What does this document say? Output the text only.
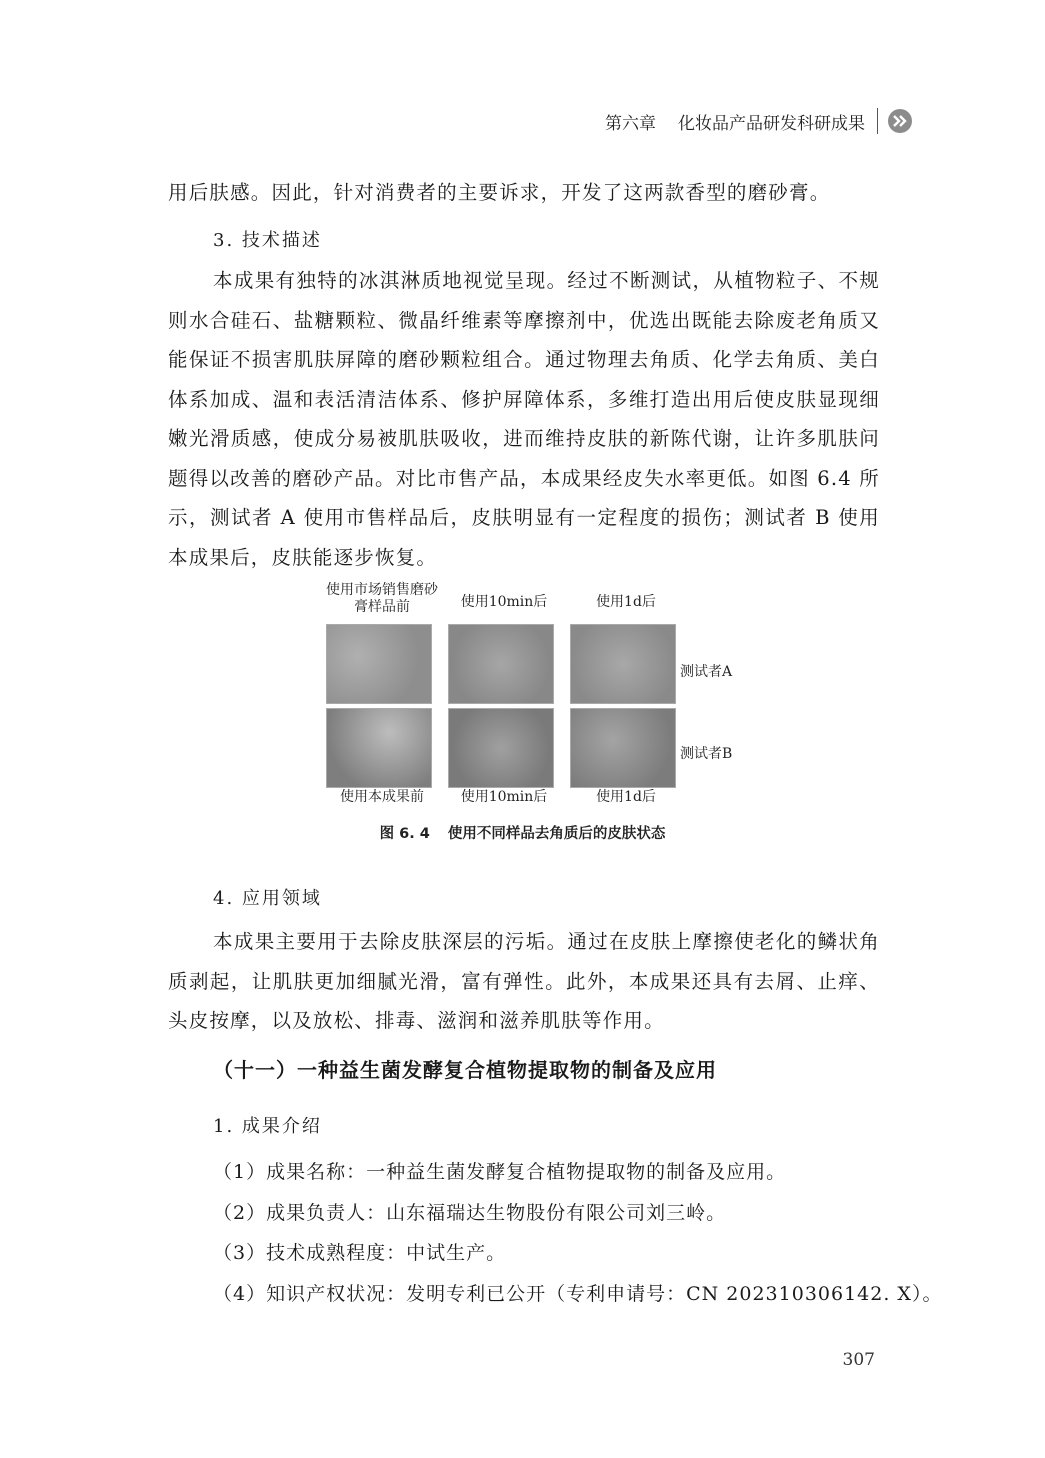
第六章 化妆品产品研发科研成果

用后肤感。因此，针对消费者的主要诉求，开发了这两款香型的磨砂膏。

3. 技术描述

本成果有独特的冰淇淋质地视觉呈现。经过不断测试，从植物粒子、不规则水合硅石、盐糖颗粒、微晶纤维素等摩擦剂中，优选出既能去除废老角质又能保证不损害肌肤屏障的磨砂颗粒组合。通过物理去角质、化学去角质、美白体系加成、温和表活清洁体系、修护屏障体系，多维打造出用后使皮肤显现细嫩光滑质感，使成分易被肌肤吸收，进而维持皮肤的新陈代谢，让许多肌肤问题得以改善的磨砂产品。对比市售产品，本成果经皮失水率更低。如图 6.4 所示，测试者 A 使用市售样品后，皮肤明显有一定程度的损伤；测试者 B 使用本成果后，皮肤能逐步恢复。

使用市场销售磨砂膏样品前	使用10min后	使用1d后
测试者A
测试者B
使用本成果前	使用10min后	使用1d后
图 6. 4 使用不同样品去角质后的皮肤状态

4. 应用领域

本成果主要用于去除皮肤深层的污垢。通过在皮肤上摩擦使老化的鳞状角质剥起，让肌肤更加细腻光滑，富有弹性。此外，本成果还具有去屑、止痒、头皮按摩，以及放松、排毒、滋润和滋养肌肤等作用。

（十一）一种益生菌发酵复合植物提取物的制备及应用

1. 成果介绍

（1）成果名称：一种益生菌发酵复合植物提取物的制备及应用。

（2）成果负责人：山东福瑞达生物股份有限公司刘三岭。

（3）技术成熟程度：中试生产。

（4）知识产权状况：发明专利已公开（专利申请号：CN 202310306142. X）。

307
